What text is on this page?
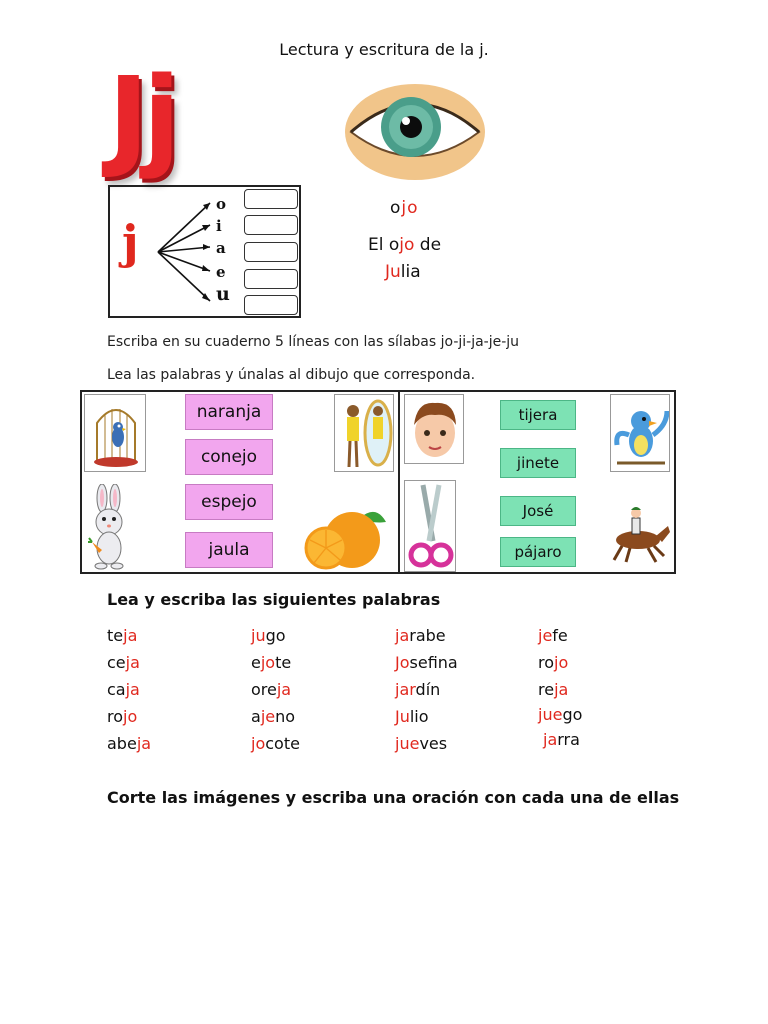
Lectura y escritura de la j.
Jj
j
o
i
a
e
u
ojo
El ojo de
Julia
Escriba en su cuaderno 5 líneas con las sílabas jo-ji-ja-je-ju
Lea las palabras y únalas al dibujo que corresponda.
naranja
conejo
espejo
jaula
tijera
jinete
José
pájaro
Lea y escriba las siguientes palabras
teja
ceja
caja
rojo
abeja
jugo
ejote
oreja
ajeno
jocote
jarabe
Josefina
jardín
Julio
jueves
jefe
rojo
reja
juego
jarra
Corte las imágenes y escriba una oración con cada una de ellas
